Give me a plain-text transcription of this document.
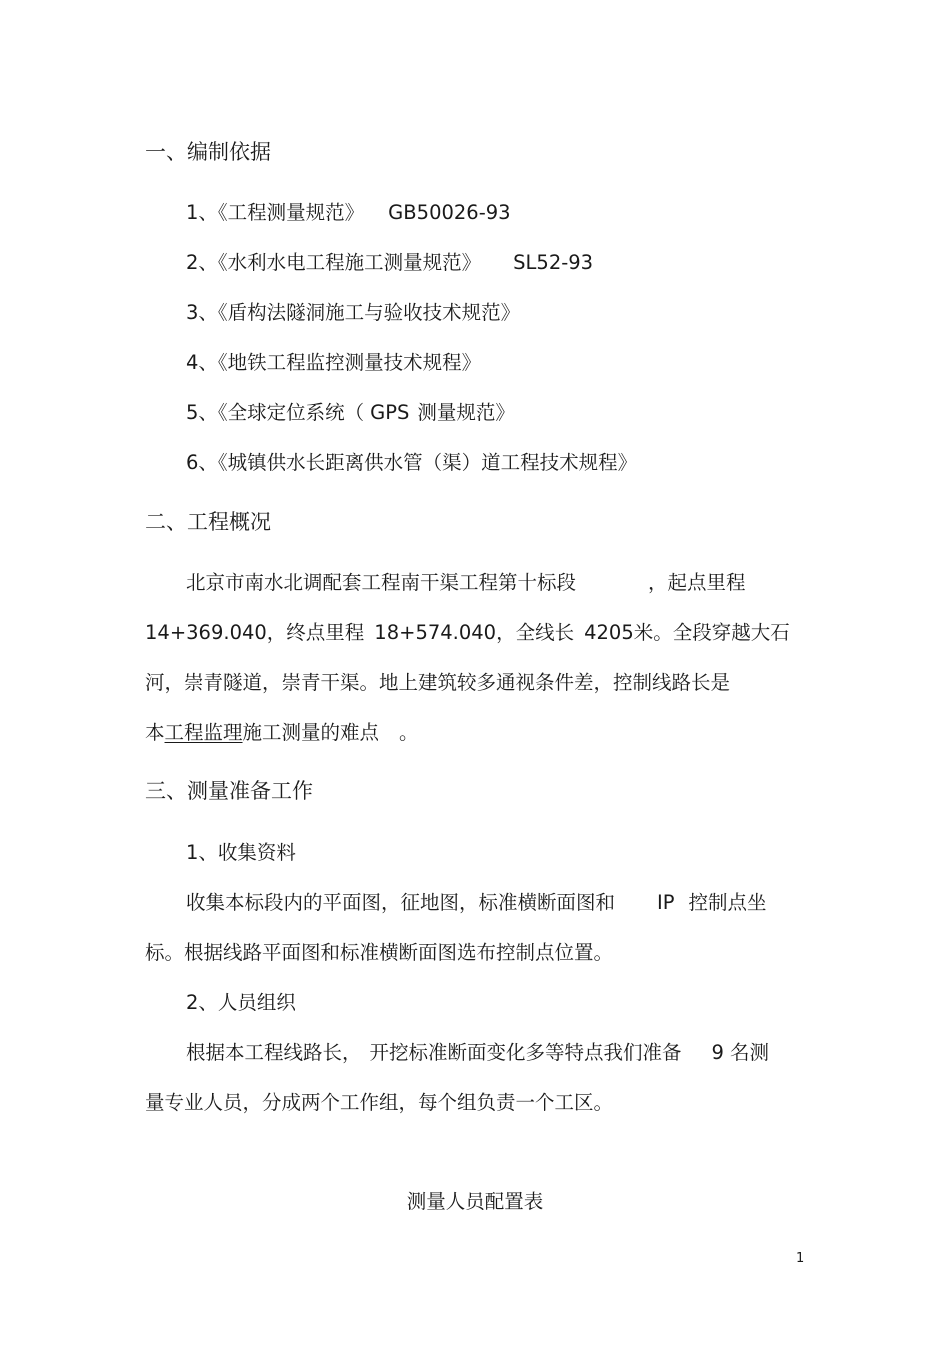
一、编制依据
1、《工程测量规范》 GB50026-93
2、《水利水电工程施工测量规范》 SL52-93
3、《盾构法隧洞施工与验收技术规范》
4、《地铁工程监控测量技术规程》
5、《全球定位系统（ GPS 测量规范》
6、《城镇供水长距离供水管（渠）道工程技术规程》
二、工程概况
北京市南水北调配套工程南干渠工程第十标段	，起点里程
14+369.040，终点里程 18+574.040，全线长 4205米。全段穿越大石
河，崇青隧道，崇青干渠。地上建筑较多通视条件差，控制线路长是
本工程监理施工测量的难点 。
三、测量准备工作
1、收集资料
收集本标段内的平面图，征地图，标准横断面图和 IP 控制点坐
标。根据线路平面图和标准横断面图选布控制点位置。
2、人员组织
根据本工程线路长， 开挖标准断面变化多等特点我们准备 9 名测
量专业人员，分成两个工作组，每个组负责一个工区。
测量人员配置表
1
